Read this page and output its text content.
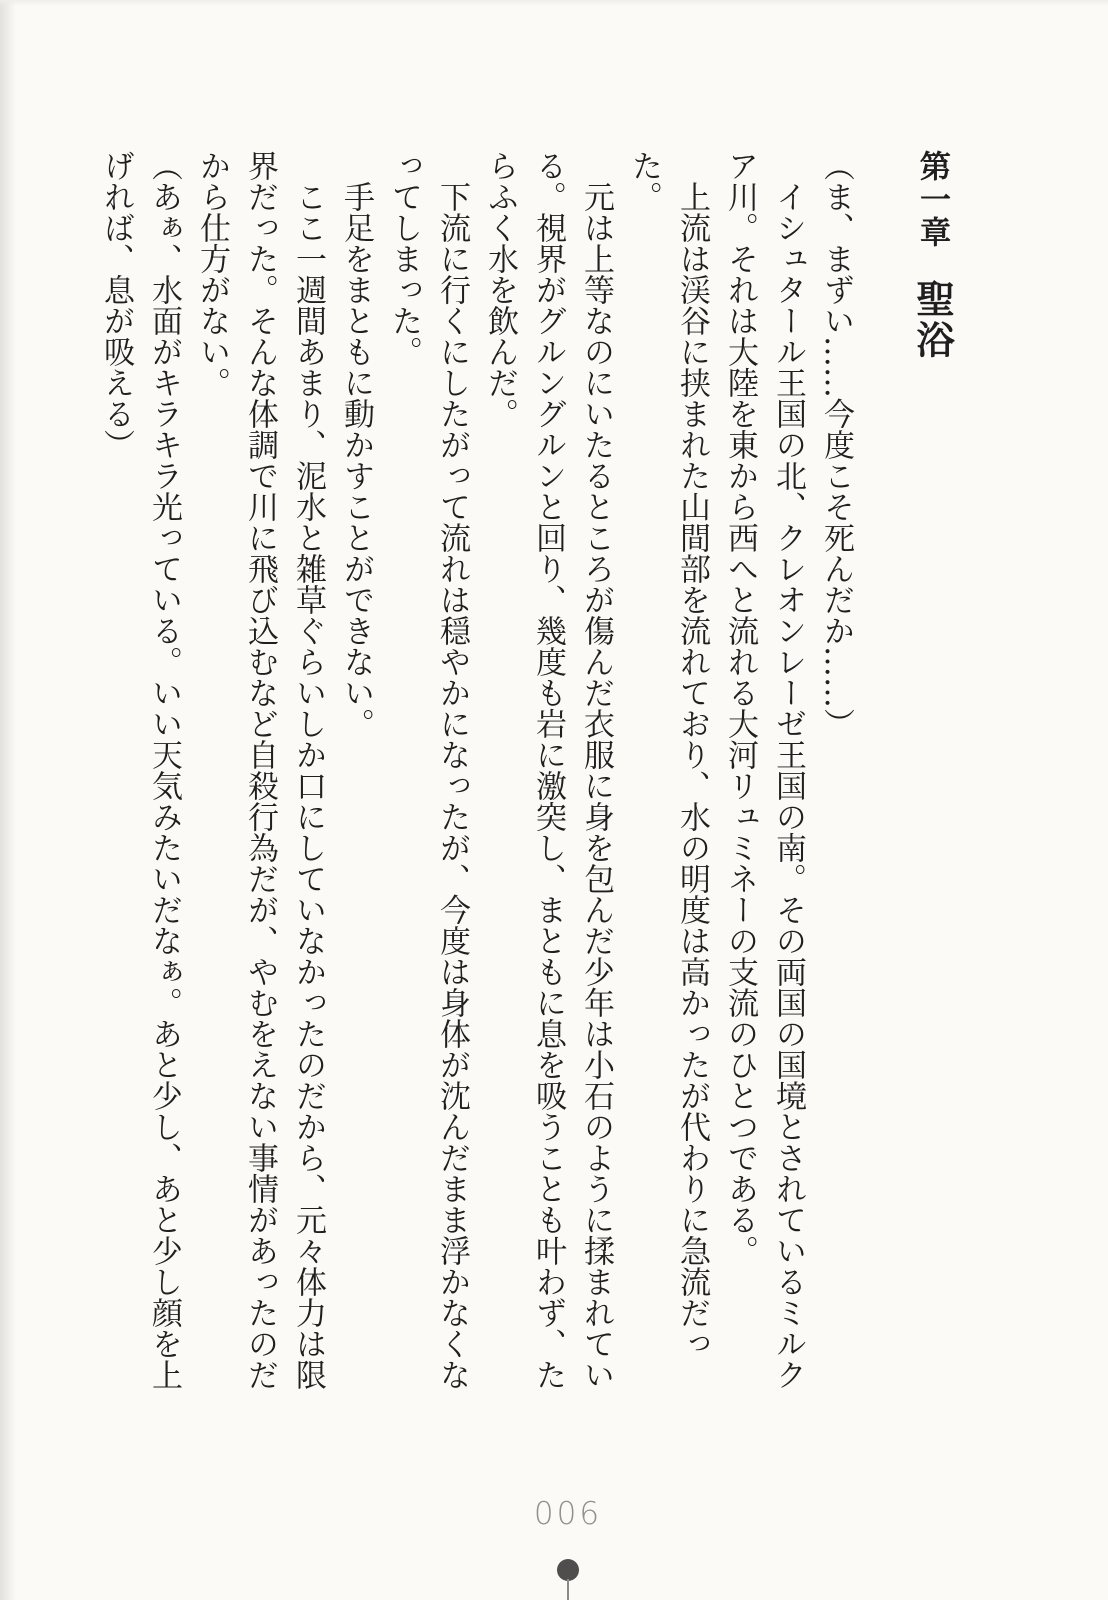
第一章聖浴

（ま、まずい……今度こそ死んだか……）

イシュタール王国の北、クレオンレーゼ王国の南。その両国の国境とされているミルクア川。それは大陸を東から西へと流れる大河リュミネーの支流のひとつである。

上流は渓谷に挟まれた山間部を流れており、水の明度は高かったが代わりに急流だった。

元は上等なのにいたるところが傷んだ衣服に身を包んだ少年は小石のように揉まれている。視界がグルングルンと回り、幾度も岩に激突し、まともに息を吸うことも叶わず、たらふく水を飲んだ。

下流に行くにしたがって流れは穏やかになったが、今度は身体が沈んだまま浮かなくなってしまった。

手足をまともに動かすことができない。

ここ一週間あまり、泥水と雑草ぐらいしか口にしていなかったのだから、元々体力は限界だった。そんな体調で川に飛び込むなど自殺行為だが、やむをえない事情があったのだから仕方がない。

（あぁ、水面がキラキラ光っている。いい天気みたいだなぁ。あと少し、あと少し顔を上げれば、息が吸える）

006
